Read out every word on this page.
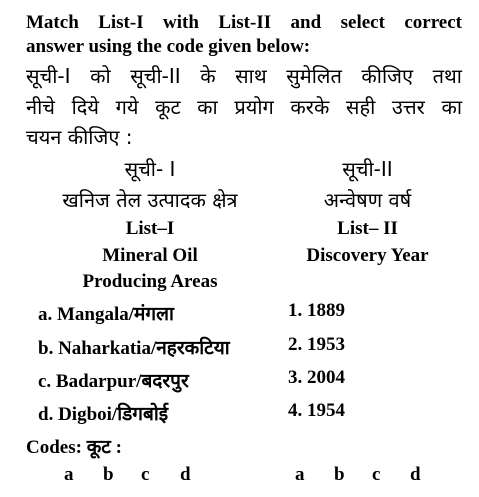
Match List-I with List-II and select correct
answer using the code given below:
सूची-I को सूची-II के साथ सुमेलित कीजिए तथा
नीचे दिये गये कूट का प्रयोग करके सही उत्तर का
चयन कीजिए :
सूची- I	सूची-II
खनिज तेल उत्पादक क्षेत्र	अन्वेषण वर्ष
List–I	List– II
Mineral Oil	Discovery Year
Producing Areas
a. Mangala/मंगला	1. 1889
b. Naharkatia/नहरकटिया	2. 1953
c. Badarpur/बदरपुर	3. 2004
d. Digboi/डिगबोई	4. 1954
Codes: कूट :
a b c d	a b c d
